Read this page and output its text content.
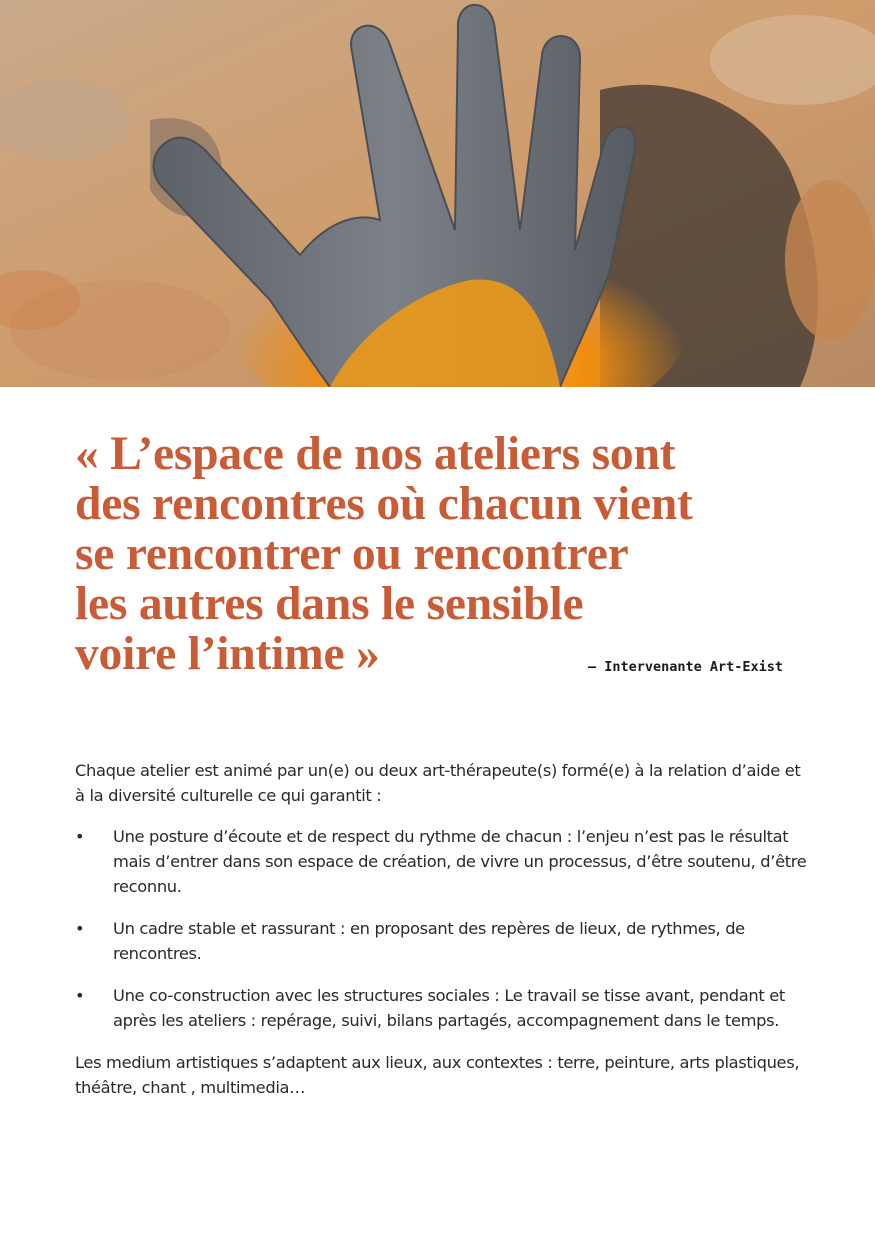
« L’espace de nos ateliers sont
des rencontres où chacun vient
se rencontrer ou rencontrer
les autres dans le sensible
voire l’intime »	— Intervenante Art-Exist

Chaque atelier est animé par un(e) ou deux art-thérapeute(s) formé(e) à la relation d’aide et à la diversité culturelle ce qui garantit :

• Une posture d’écoute et de respect du rythme de chacun : l’enjeu n’est pas le résultat mais d’entrer dans son espace de création, de vivre un processus, d’être soutenu, d’être reconnu.
• Un cadre stable et rassurant : en proposant des repères de lieux, de rythmes, de rencontres.
• Une co-construction avec les structures sociales : Le travail se tisse avant, pendant et après les ateliers : repérage, suivi, bilans partagés, accompagnement dans le temps.

Les medium artistiques s’adaptent aux lieux, aux contextes : terre, peinture, arts plastiques, théâtre, chant , multimedia…
